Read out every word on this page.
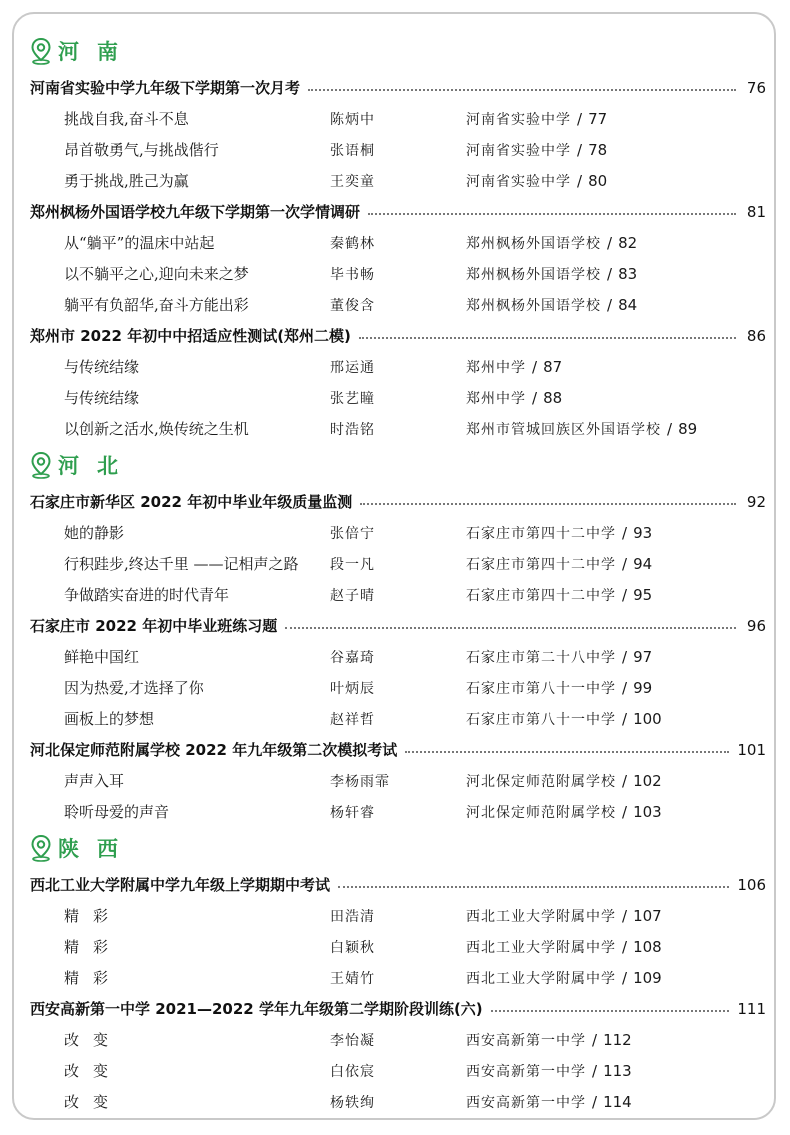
河南
河南省实验中学九年级下学期第一次月考	76
挑战自我,奋斗不息	陈炳中	河南省实验中学 / 77
昂首敬勇气,与挑战偕行	张语桐	河南省实验中学 / 78
勇于挑战,胜己为赢	王奕童	河南省实验中学 / 80
郑州枫杨外国语学校九年级下学期第一次学情调研	81
从“躺平”的温床中站起	秦鹤林	郑州枫杨外国语学校 / 82
以不躺平之心,迎向未来之梦	毕书畅	郑州枫杨外国语学校 / 83
躺平有负韶华,奋斗方能出彩	董俊含	郑州枫杨外国语学校 / 84
郑州市 2022 年初中中招适应性测试(郑州二模)	86
与传统结缘	邢运通	郑州中学 / 87
与传统结缘	张艺瞳	郑州中学 / 88
以创新之活水,焕传统之生机	时浩铭	郑州市管城回族区外国语学校 / 89
河北
石家庄市新华区 2022 年初中毕业年级质量监测	92
她的静影	张倍宁	石家庄市第四十二中学 / 93
行积跬步,终达千里 ——记相声之路	段一凡	石家庄市第四十二中学 / 94
争做踏实奋进的时代青年	赵子晴	石家庄市第四十二中学 / 95
石家庄市 2022 年初中毕业班练习题	96
鲜艳中国红	谷嘉琦	石家庄市第二十八中学 / 97
因为热爱,才选择了你	叶炳辰	石家庄市第八十一中学 / 99
画板上的梦想	赵祥哲	石家庄市第八十一中学 / 100
河北保定师范附属学校 2022 年九年级第二次模拟考试	101
声声入耳	李杨雨霏	河北保定师范附属学校 / 102
聆听母爱的声音	杨轩睿	河北保定师范附属学校 / 103
陕西
西北工业大学附属中学九年级上学期期中考试	106
精彩	田浩清	西北工业大学附属中学 / 107
精彩	白颖秋	西北工业大学附属中学 / 108
精彩	王婧竹	西北工业大学附属中学 / 109
西安高新第一中学 2021—2022 学年九年级第二学期阶段训练(六)	111
改变	李怡凝	西安高新第一中学 / 112
改变	白依宸	西安高新第一中学 / 113
改变	杨轶绚	西安高新第一中学 / 114
